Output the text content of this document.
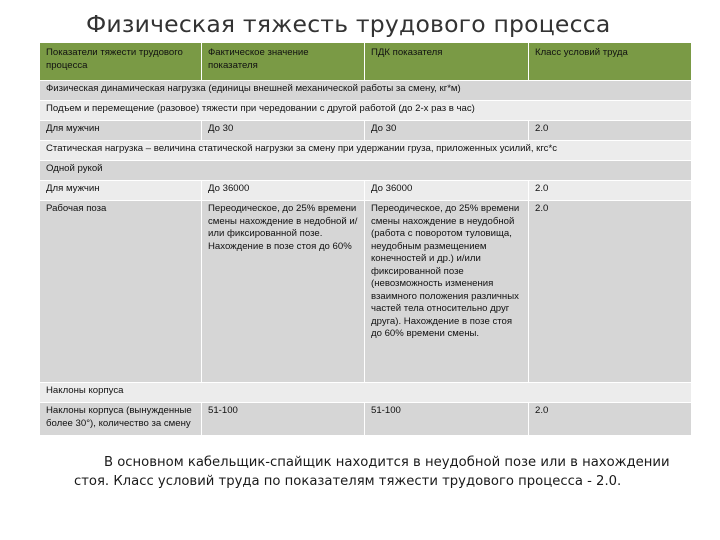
Физическая тяжесть трудового процесса
Показатели тяжести трудового процесса	Фактическое значение показателя	ПДК показателя	Класс условий труда
Физическая динамическая нагрузка (единицы внешней механической работы за смену, кг*м)			
Подъем и перемещение (разовое) тяжести при чередовании с другой работой (до 2-х раз в час)			
Для мужчин	До 30	До 30	2.0
Статическая нагрузка – величина статической нагрузки за смену при удержании груза, приложенных усилий, кгс*с			
Одной рукой			
Для мужчин	До 36000	До 36000	2.0
Рабочая поза	Переодическое, до 25% времени смены нахождение в недобной и/или фиксированной позе. Нахождение в позе стоя до 60%	Переодическое, до 25% времени смены нахождение в неудобной (работа с поворотом туловища, неудобным размещением конечностей и др.) и/или фиксированной позе (невозможность изменения взаимного положения различных частей тела относительно друг друга). Нахождение в позе стоя до 60% времени смены.	2.0
Наклоны корпуса			
Наклоны корпуса (вынужденные более 30°), количество за смену	51-100	51-100	2.0
В основном кабельщик-спайщик находится в неудобной позе или в нахождении стоя. Класс условий труда по показателям тяжести трудового процесса - 2.0.
